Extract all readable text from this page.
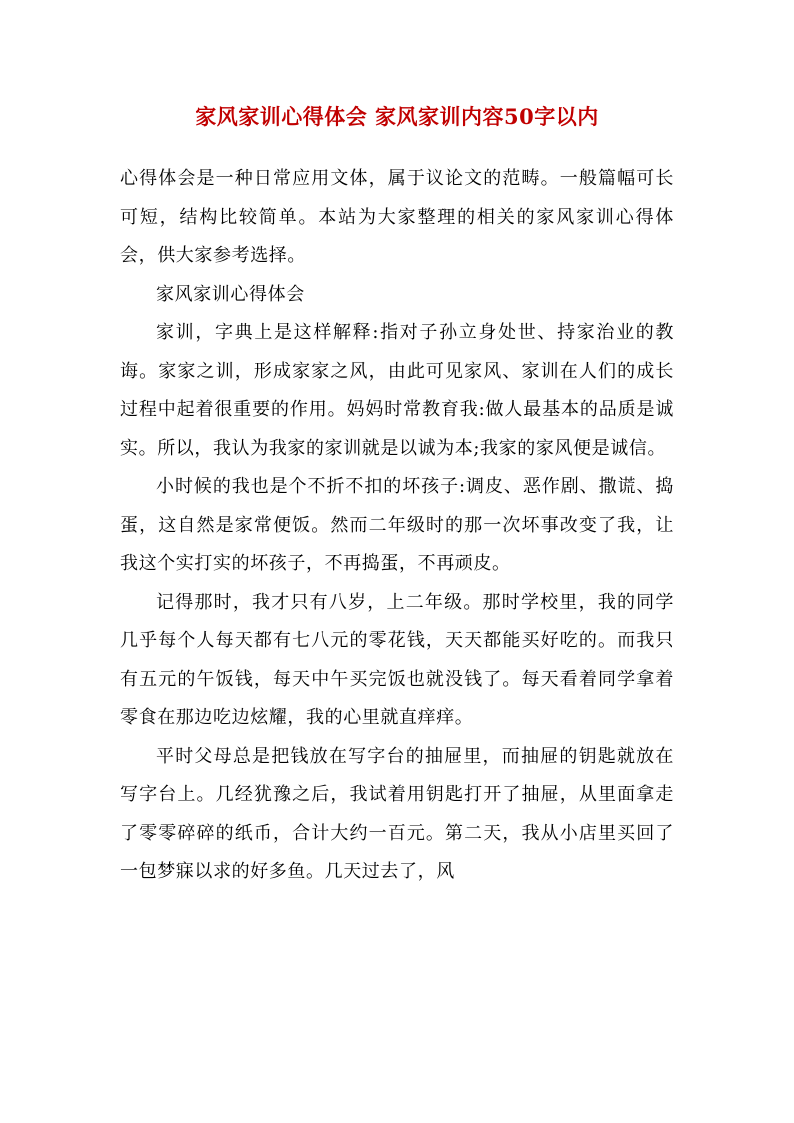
家风家训心得体会 家风家训内容50字以内

心得体会是一种日常应用文体，属于议论文的范畴。一般篇幅可长可短，结构比较简单。本站为大家整理的相关的家风家训心得体会，供大家参考选择。

家风家训心得体会

家训，字典上是这样解释:指对子孙立身处世、持家治业的教诲。家家之训，形成家家之风，由此可见家风、家训在人们的成长过程中起着很重要的作用。妈妈时常教育我:做人最基本的品质是诚实。所以，我认为我家的家训就是以诚为本;我家的家风便是诚信。

小时候的我也是个不折不扣的坏孩子:调皮、恶作剧、撒谎、捣蛋，这自然是家常便饭。然而二年级时的那一次坏事改变了我，让我这个实打实的坏孩子，不再捣蛋，不再顽皮。

记得那时，我才只有八岁，上二年级。那时学校里，我的同学几乎每个人每天都有七八元的零花钱，天天都能买好吃的。而我只有五元的午饭钱，每天中午买完饭也就没钱了。每天看着同学拿着零食在那边吃边炫耀，我的心里就直痒痒。

平时父母总是把钱放在写字台的抽屉里，而抽屉的钥匙就放在写字台上。几经犹豫之后，我试着用钥匙打开了抽屉，从里面拿走了零零碎碎的纸币，合计大约一百元。第二天，我从小店里买回了一包梦寐以求的好多鱼。几天过去了，风
